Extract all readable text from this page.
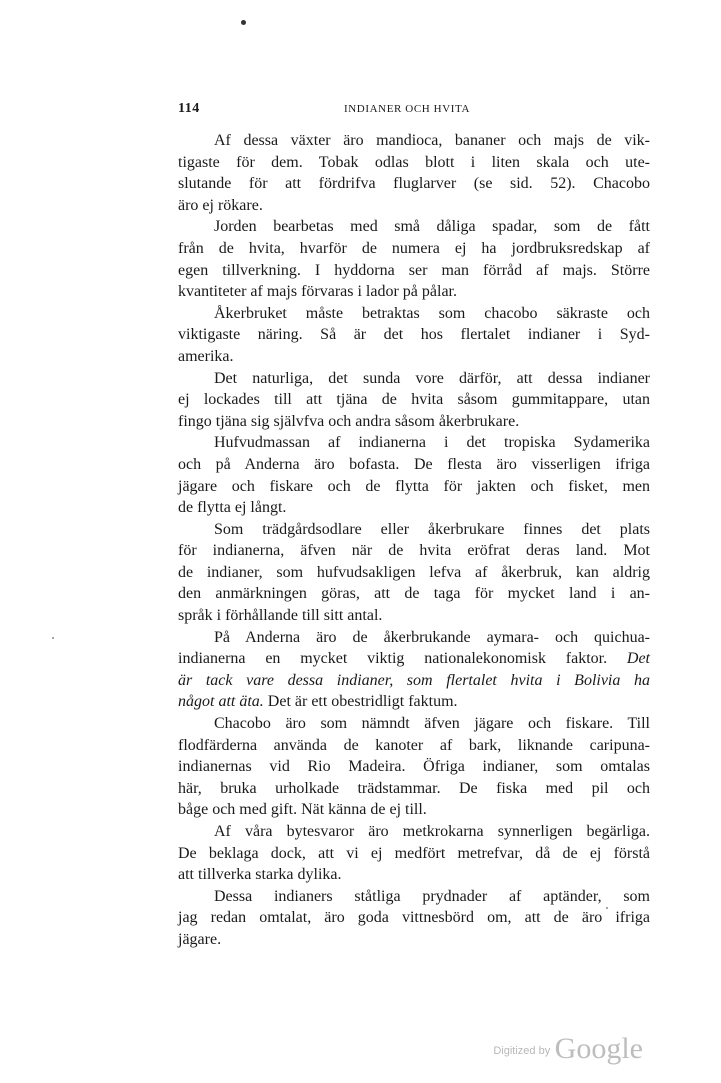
114	INDIANER OCH HVITA
Af dessa växter äro mandioca, bananer och majs de vik-
tigaste för dem. Tobak odlas blott i liten skala och ute-
slutande för att fördrifva fluglarver (se sid. 52). Chacobo
äro ej rökare.
Jorden bearbetas med små dåliga spadar, som de fått
från de hvita, hvarför de numera ej ha jordbruksredskap af
egen tillverkning. I hyddorna ser man förråd af majs. Större
kvantiteter af majs förvaras i lador på pålar.
Åkerbruket måste betraktas som chacobo säkraste och
viktigaste näring. Så är det hos flertalet indianer i Syd-
amerika.
Det naturliga, det sunda vore därför, att dessa indianer
ej lockades till att tjäna de hvita såsom gummitappare, utan
fingo tjäna sig självfva och andra såsom åkerbrukare.
Hufvudmassan af indianerna i det tropiska Sydamerika
och på Anderna äro bofasta. De flesta äro visserligen ifriga
jägare och fiskare och de flytta för jakten och fisket, men
de flytta ej långt.
Som trädgårdsodlare eller åkerbrukare finnes det plats
för indianerna, äfven när de hvita eröfrat deras land. Mot
de indianer, som hufvudsakligen lefva af åkerbruk, kan aldrig
den anmärkningen göras, att de taga för mycket land i an-
språk i förhållande till sitt antal.
På Anderna äro de åkerbrukande aymara- och quichua-
indianerna en mycket viktig nationalekonomisk faktor. Det
är tack vare dessa indianer, som flertalet hvita i Bolivia ha
något att äta. Det är ett obestridligt faktum.
Chacobo äro som nämndt äfven jägare och fiskare. Till
flodfärderna använda de kanoter af bark, liknande caripuna-
indianernas vid Rio Madeira. Öfriga indianer, som omtalas
här, bruka urholkade trädstammar. De fiska med pil och
båge och med gift. Nät känna de ej till.
Af våra bytesvaror äro metkrokarna synnerligen begärliga.
De beklaga dock, att vi ej medfört metrefvar, då de ej förstå
att tillverka starka dylika.
Dessa indianers ståtliga prydnader af aptänder, som
jag redan omtalat, äro goda vittnesbörd om, att de äro ifriga
jägare.
$^{Digitized by}$ Google
